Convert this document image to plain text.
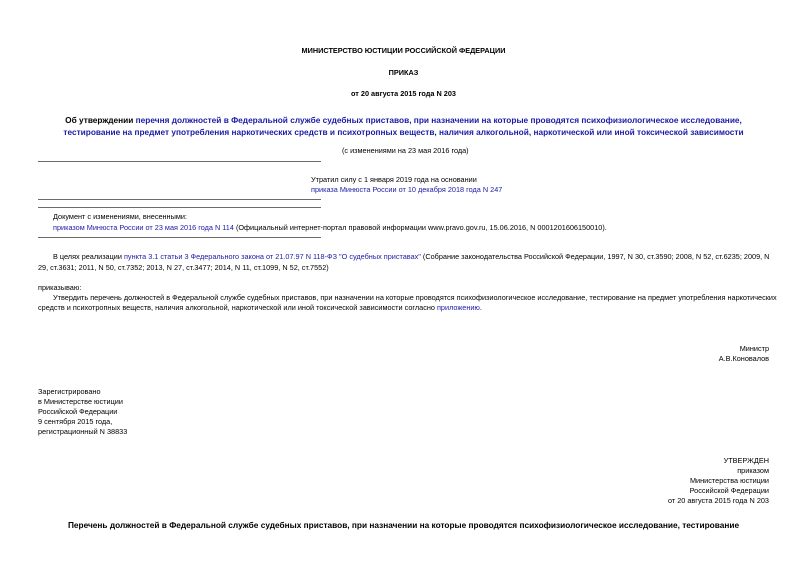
МИНИСТЕРСТВО ЮСТИЦИИ РОССИЙСКОЙ ФЕДЕРАЦИИ
ПРИКАЗ
от 20 августа 2015 года N 203
Об утверждении перечня должностей в Федеральной службе судебных приставов, при назначении на которые проводятся психофизиологическое исследование,
тестирование на предмет употребления наркотических средств и психотропных веществ, наличия алкогольной, наркотической или иной токсической зависимости
(с изменениями на 23 мая 2016 года)
Утратил силу с 1 января 2019 года на основании
приказа Минюста России от 10 декабря 2018 года N 247
Документ с изменениями, внесенными:
приказом Минюста России от 23 мая 2016 года N 114 (Официальный интернет-портал правовой информации www.pravo.gov.ru, 15.06.2016, N 0001201606150010).
В целях реализации пункта 3.1 статьи 3 Федерального закона от 21.07.97 N 118-ФЗ "О судебных приставах" (Собрание законодательства Российской Федерации, 1997, N 30, ст.3590; 2008, N 52, ст.6235; 2009, N
29, ст.3631; 2011, N 50, ст.7352; 2013, N 27, ст.3477; 2014, N 11, ст.1099, N 52, ст.7552)
приказываю:
Утвердить перечень должностей в Федеральной службе судебных приставов, при назначении на которые проводятся психофизиологическое исследование, тестирование на предмет употребления наркотических
средств и психотропных веществ, наличия алкогольной, наркотической или иной токсической зависимости согласно приложению.
Министр
А.В.Коновалов
Зарегистрировано
в Министерстве юстиции
Российской Федерации
9 сентября 2015 года,
регистрационный N 38833
УТВЕРЖДЕН
приказом
Министерства юстиции
Российской Федерации
от 20 августа 2015 года N 203
Перечень должностей в Федеральной службе судебных приставов, при назначении на которые проводятся психофизиологическое исследование, тестирование
